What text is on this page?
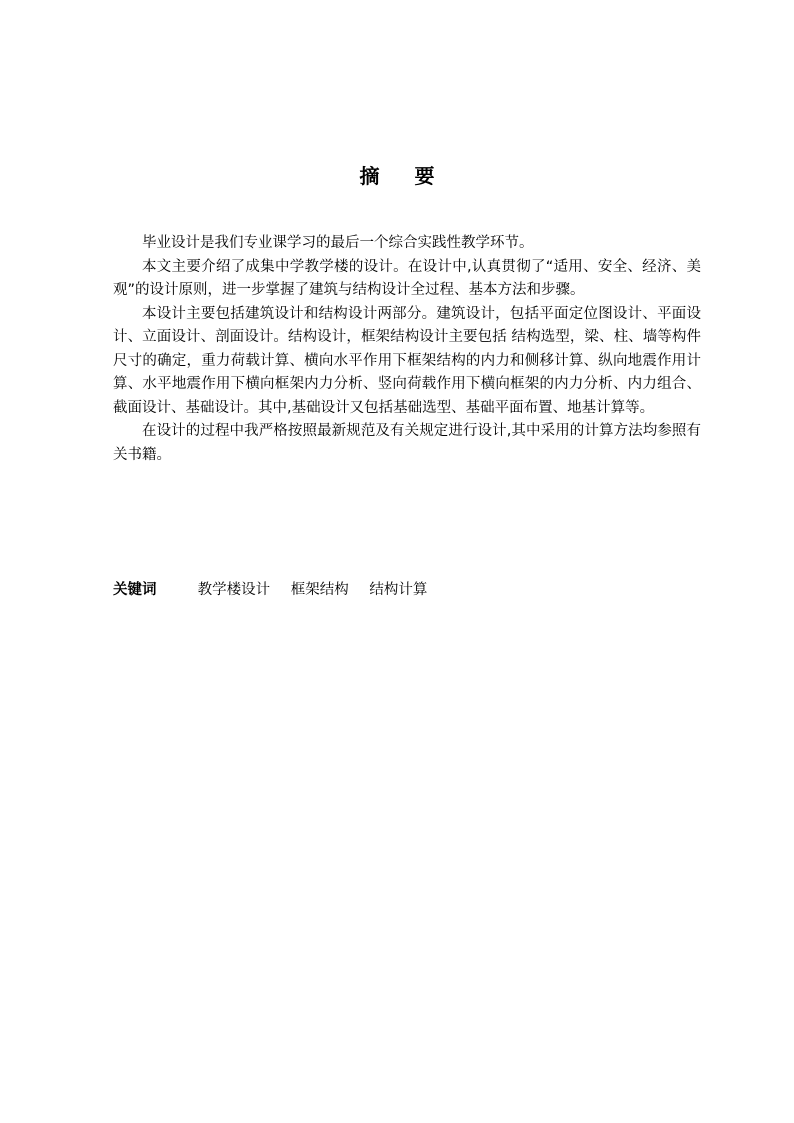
摘 要

毕业设计是我们专业课学习的最后一个综合实践性教学环节。

本文主要介绍了成集中学教学楼的设计。在设计中,认真贯彻了“适用、安全、经济、美观”的设计原则，进一步掌握了建筑与结构设计全过程、基本方法和步骤。

本设计主要包括建筑设计和结构设计两部分。建筑设计，包括平面定位图设计、平面设计、立面设计、剖面设计。结构设计，框架结构设计主要包括 结构选型，梁、柱、墙等构件尺寸的确定，重力荷载计算、横向水平作用下框架结构的内力和侧移计算、纵向地震作用计算、水平地震作用下横向框架内力分析、竖向荷载作用下横向框架的内力分析、内力组合、截面设计、基础设计。其中,基础设计又包括基础选型、基础平面布置、地基计算等。

在设计的过程中我严格按照最新规范及有关规定进行设计,其中采用的计算方法均参照有关书籍。

关键词	教学楼设计 框架结构 结构计算
